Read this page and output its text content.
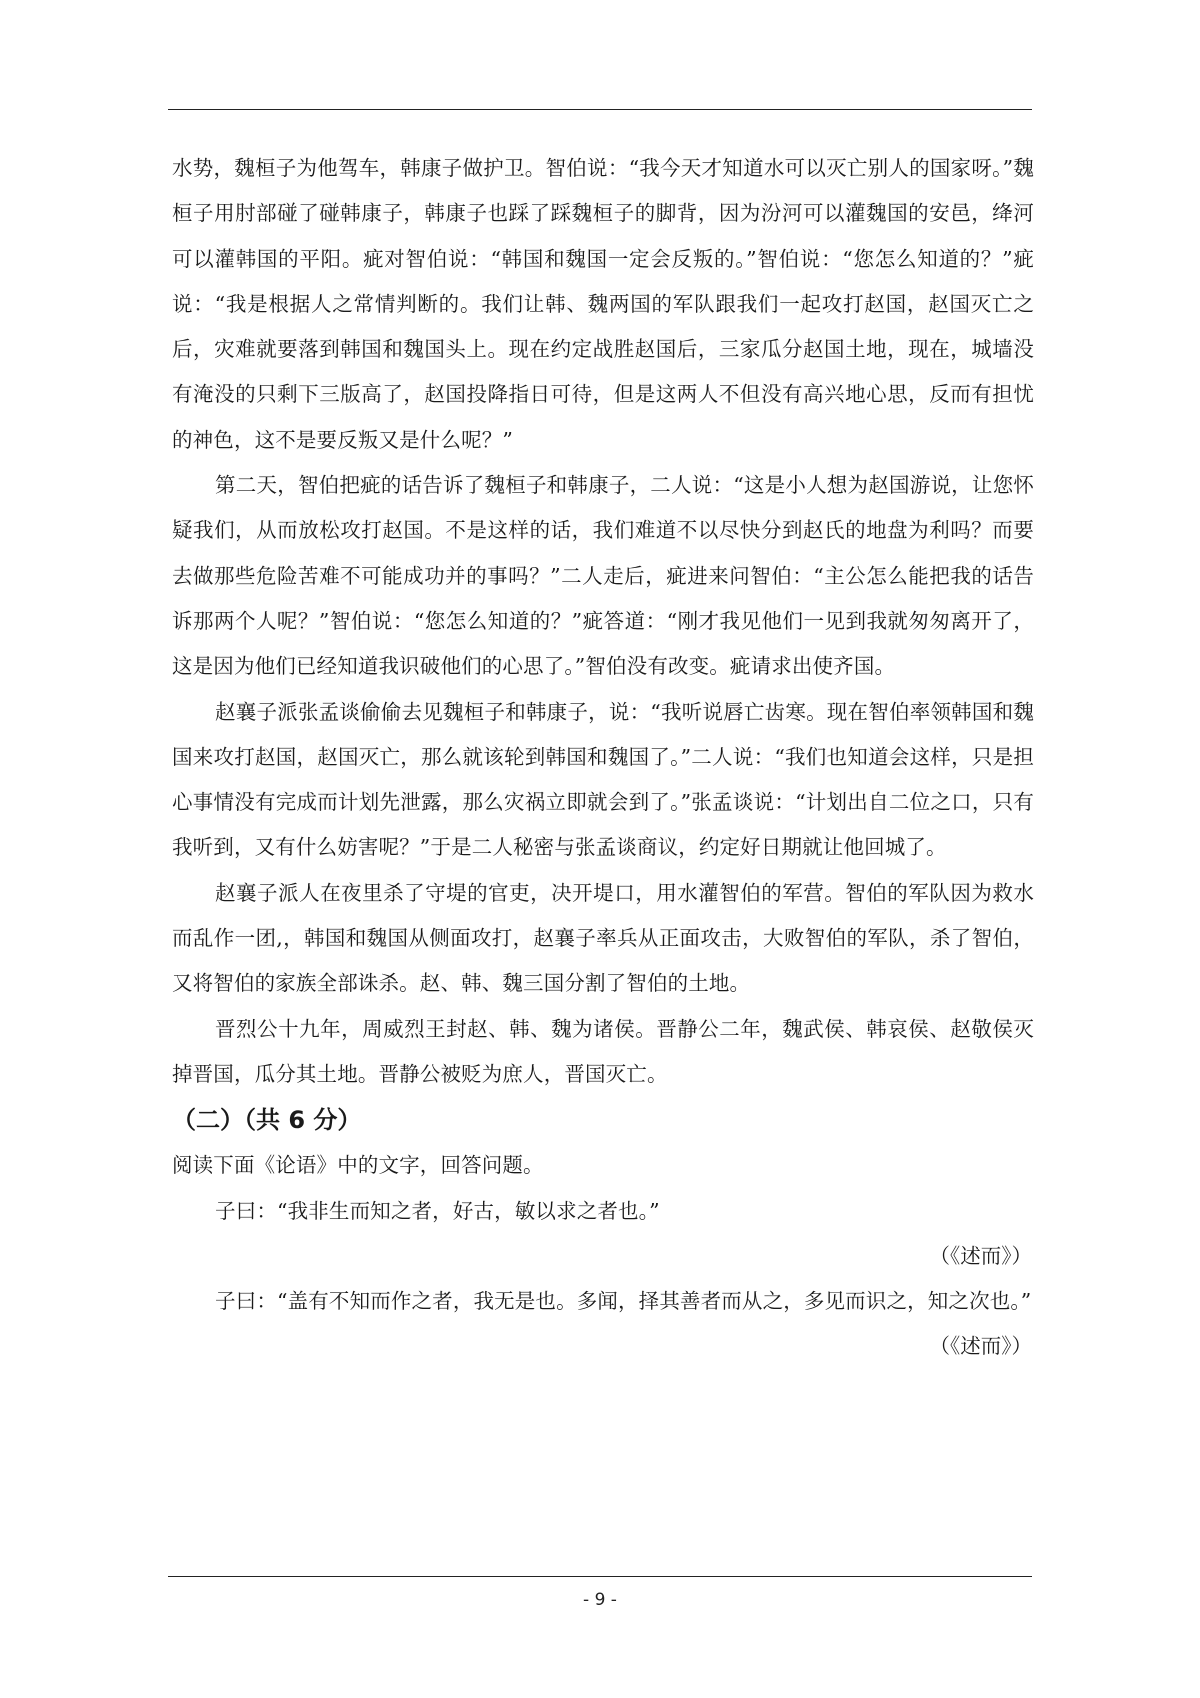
水势，魏桓子为他驾车，韩康子做护卫。智伯说：“我今天才知道水可以灭亡别人的国家呀。”魏桓子用肘部碰了碰韩康子，韩康子也踩了踩魏桓子的脚背，因为汾河可以灌魏国的安邑，绛河可以灌韩国的平阳。疵对智伯说：“韩国和魏国一定会反叛的。”智伯说：“您怎么知道的？”疵说：“我是根据人之常情判断的。我们让韩、魏两国的军队跟我们一起攻打赵国，赵国灭亡之后，灾难就要落到韩国和魏国头上。现在约定战胜赵国后，三家瓜分赵国土地，现在，城墙没有淹没的只剩下三版高了，赵国投降指日可待，但是这两人不但没有高兴地心思，反而有担忧的神色，这不是要反叛又是什么呢？”

第二天，智伯把疵的话告诉了魏桓子和韩康子，二人说：“这是小人想为赵国游说，让您怀疑我们，从而放松攻打赵国。不是这样的话，我们难道不以尽快分到赵氏的地盘为利吗？而要去做那些危险苦难不可能成功并的事吗？”二人走后，疵进来问智伯：“主公怎么能把我的话告诉那两个人呢？”智伯说：“您怎么知道的？”疵答道：“刚才我见他们一见到我就匆匆离开了，这是因为他们已经知道我识破他们的心思了。”智伯没有改变。疵请求出使齐国。

赵襄子派张孟谈偷偷去见魏桓子和韩康子，说：“我听说唇亡齿寒。现在智伯率领韩国和魏国来攻打赵国，赵国灭亡，那么就该轮到韩国和魏国了。”二人说：“我们也知道会这样，只是担心事情没有完成而计划先泄露，那么灾祸立即就会到了。”张孟谈说：“计划出自二位之口，只有我听到，又有什么妨害呢？”于是二人秘密与张孟谈商议，约定好日期就让他回城了。

赵襄子派人在夜里杀了守堤的官吏，决开堤口，用水灌智伯的军营。智伯的军队因为救水而乱作一团,，韩国和魏国从侧面攻打，赵襄子率兵从正面攻击，大败智伯的军队，杀了智伯，又将智伯的家族全部诛杀。赵、韩、魏三国分割了智伯的土地。

晋烈公十九年，周威烈王封赵、韩、魏为诸侯。晋静公二年，魏武侯、韩哀侯、赵敬侯灭掉晋国，瓜分其土地。晋静公被贬为庶人，晋国灭亡。

（二）（共 6 分）

阅读下面《论语》中的文字，回答问题。

子曰：“我非生而知之者，好古，敏以求之者也。”

（《述而》）

子曰：“盖有不知而作之者，我无是也。多闻，择其善者而从之，多见而识之，知之次也。”

（《述而》）

- 9 -
